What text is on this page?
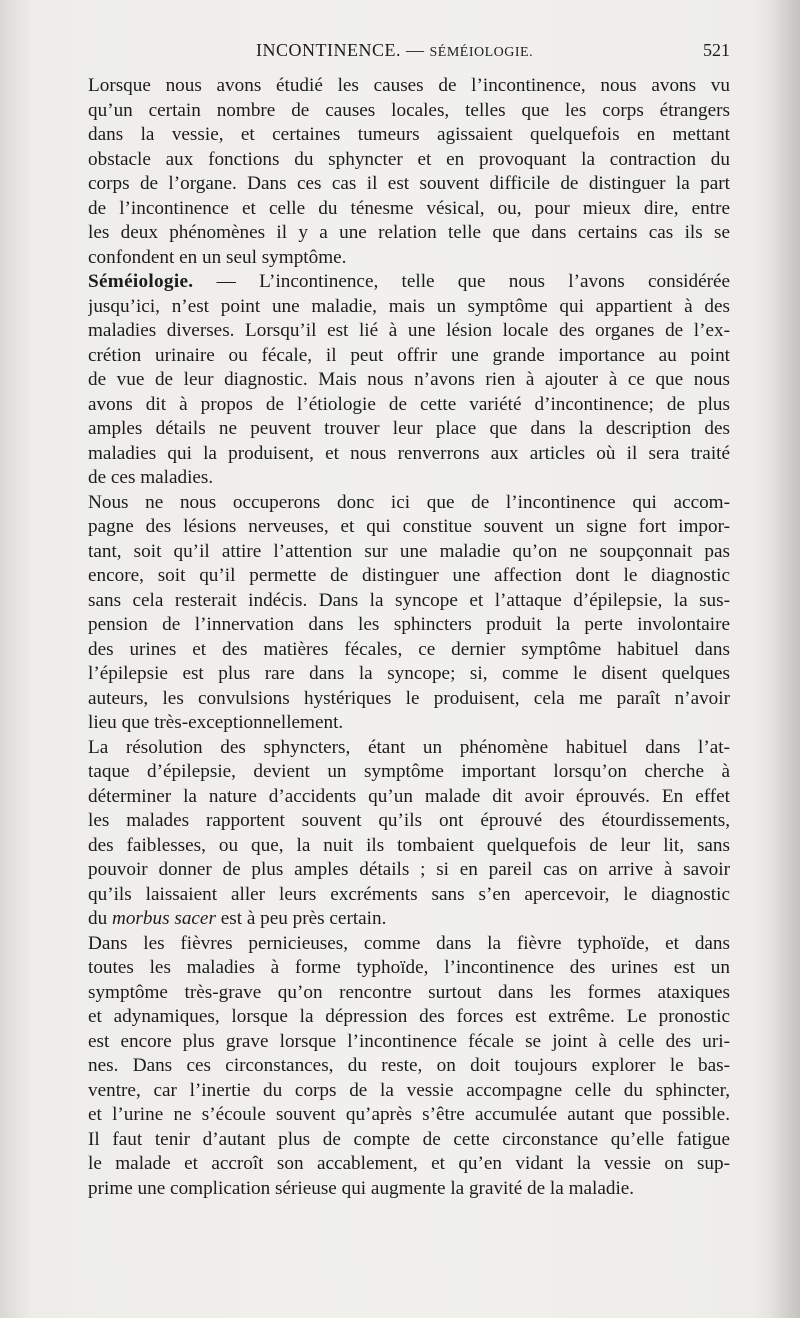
INCONTINENCE. — SÉMÉIOLOGIE.	521
Lorsque nous avons étudié les causes de l’incontinence, nous avons vu
qu’un certain nombre de causes locales, telles que les corps étrangers
dans la vessie, et certaines tumeurs agissaient quelquefois en mettant
obstacle aux fonctions du sphyncter et en provoquant la contraction du
corps de l’organe. Dans ces cas il est souvent difficile de distinguer la part
de l’incontinence et celle du ténesme vésical, ou, pour mieux dire, entre
les deux phénomènes il y a une relation telle que dans certains cas ils se
confondent en un seul symptôme.
Séméiologie. — L’incontinence, telle que nous l’avons considérée
jusqu’ici, n’est point une maladie, mais un symptôme qui appartient à des
maladies diverses. Lorsqu’il est lié à une lésion locale des organes de l’ex-
crétion urinaire ou fécale, il peut offrir une grande importance au point
de vue de leur diagnostic. Mais nous n’avons rien à ajouter à ce que nous
avons dit à propos de l’étiologie de cette variété d’incontinence; de plus
amples détails ne peuvent trouver leur place que dans la description des
maladies qui la produisent, et nous renverrons aux articles où il sera traité
de ces maladies.
Nous ne nous occuperons donc ici que de l’incontinence qui accom-
pagne des lésions nerveuses, et qui constitue souvent un signe fort impor-
tant, soit qu’il attire l’attention sur une maladie qu’on ne soupçonnait pas
encore, soit qu’il permette de distinguer une affection dont le diagnostic
sans cela resterait indécis. Dans la syncope et l’attaque d’épilepsie, la sus-
pension de l’innervation dans les sphincters produit la perte involontaire
des urines et des matières fécales, ce dernier symptôme habituel dans
l’épilepsie est plus rare dans la syncope; si, comme le disent quelques
auteurs, les convulsions hystériques le produisent, cela me paraît n’avoir
lieu que très-exceptionnellement.
La résolution des sphyncters, étant un phénomène habituel dans l’at-
taque d’épilepsie, devient un symptôme important lorsqu’on cherche à
déterminer la nature d’accidents qu’un malade dit avoir éprouvés. En effet
les malades rapportent souvent qu’ils ont éprouvé des étourdissements,
des faiblesses, ou que, la nuit ils tombaient quelquefois de leur lit, sans
pouvoir donner de plus amples détails ; si en pareil cas on arrive à savoir
qu’ils laissaient aller leurs excréments sans s’en apercevoir, le diagnostic
du morbus sacer est à peu près certain.
Dans les fièvres pernicieuses, comme dans la fièvre typhoïde, et dans
toutes les maladies à forme typhoïde, l’incontinence des urines est un
symptôme très-grave qu’on rencontre surtout dans les formes ataxiques
et adynamiques, lorsque la dépression des forces est extrême. Le pronostic
est encore plus grave lorsque l’incontinence fécale se joint à celle des uri-
nes. Dans ces circonstances, du reste, on doit toujours explorer le bas-
ventre, car l’inertie du corps de la vessie accompagne celle du sphincter,
et l’urine ne s’écoule souvent qu’après s’être accumulée autant que possible.
Il faut tenir d’autant plus de compte de cette circonstance qu’elle fatigue
le malade et accroît son accablement, et qu’en vidant la vessie on sup-
prime une complication sérieuse qui augmente la gravité de la maladie.
